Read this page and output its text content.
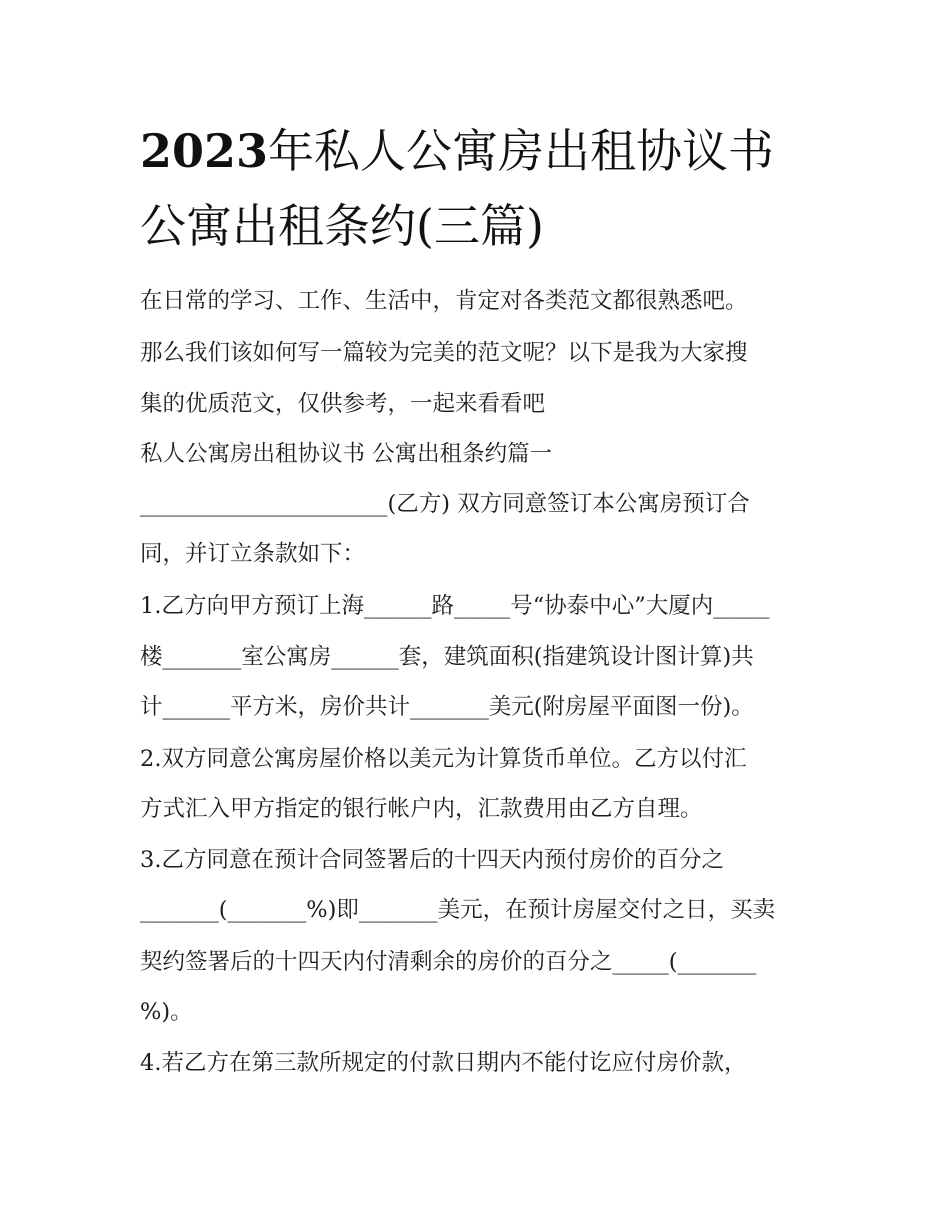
2023年私人公寓房出租协议书
公寓出租条约(三篇)
在日常的学习、工作、生活中，肯定对各类范文都很熟悉吧。
那么我们该如何写一篇较为完美的范文呢？以下是我为大家搜
集的优质范文，仅供参考，一起来看看吧
私人公寓房出租协议书 公寓出租条约篇一
______________________(乙方) 双方同意签订本公寓房预订合
同，并订立条款如下：
1.乙方向甲方预订上海______路_____号“协泰中心”大厦内_____
楼_______室公寓房______套，建筑面积(指建筑设计图计算)共
计______平方米，房价共计_______美元(附房屋平面图一份)。
2.双方同意公寓房屋价格以美元为计算货币单位。乙方以付汇
方式汇入甲方指定的银行帐户内，汇款费用由乙方自理。
3.乙方同意在预计合同签署后的十四天内预付房价的百分之
_______(_______%)即_______美元，在预计房屋交付之日，买卖
契约签署后的十四天内付清剩余的房价的百分之_____(_______
%)。
4.若乙方在第三款所规定的付款日期内不能付讫应付房价款，
